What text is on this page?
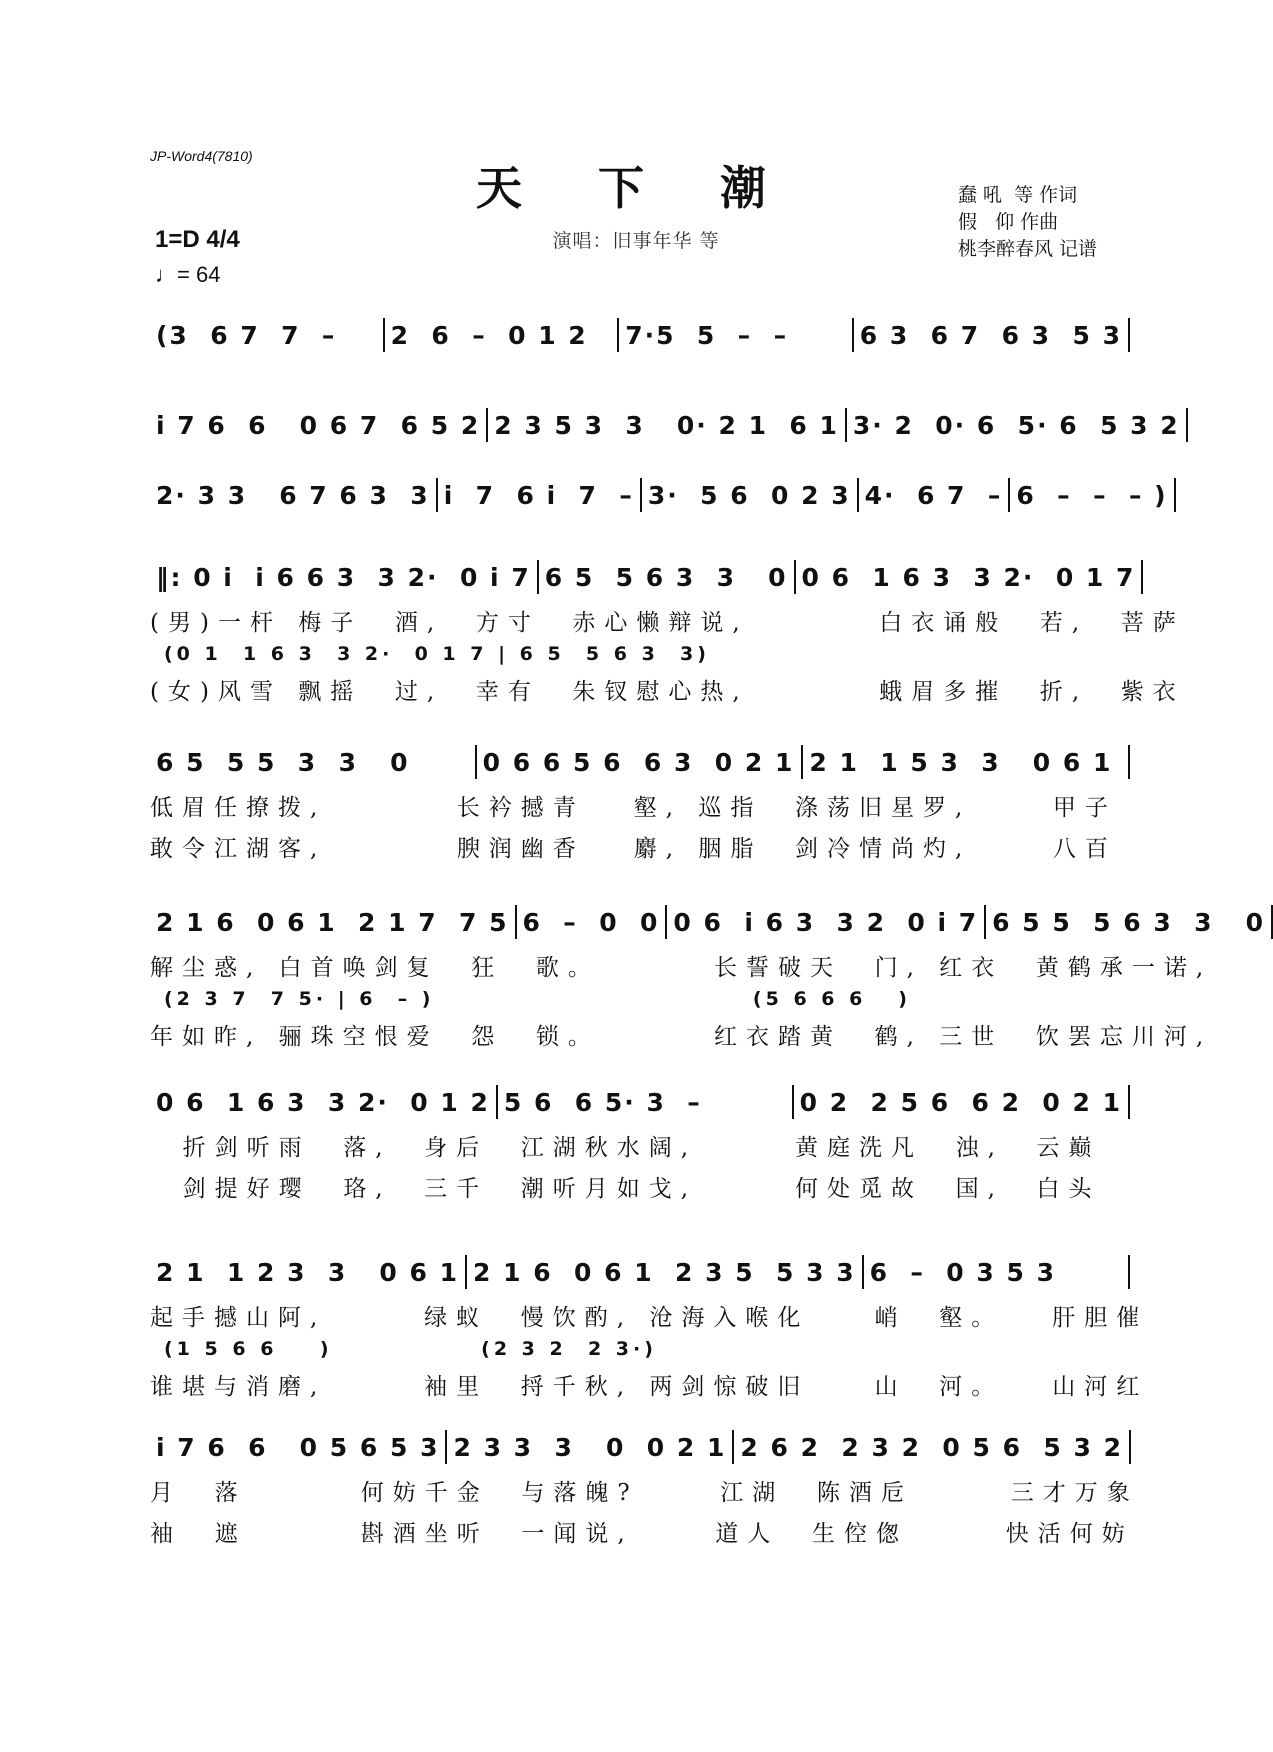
JP-Word4(7810)
天 下 潮
演唱：旧事年华 等
蠢 吼  等 作词
假   仰 作曲
桃李醉春风 记谱
1=D 4/4
♩= 64
(3  6 7  7  –	2  6  –  0 1 2	7·5  5  –  –	6 3  6 7  6 3  5 3
i 7 6  6   0 6 7  6 5 2 2 3 5 3  3   0· 2 1  6 1 3· 2  0· 6  5· 6  5 3 2
2· 3 3   6 7 6 3  3 i  7  6 i  7  – 3·  5 6  0 2 3 4·  6 7  – 6  –  –  – )
‖: 0 i  i 6 6 3  3 2·  0 i 7 6 5  5 6 3  3   0 0 6  1 6 3  3 2·  0 1 7
(男)一杆 梅子  酒,  方寸  赤心懒辩说,        白衣诵般  若,  菩萨
(0 1  1 6 3  3 2·  0 1 7 | 6 5  5 6 3  3)
(女)风雪 飘摇  过,  幸有  朱钗慰心热,        蛾眉多摧  折,  紫衣
6 5  5 5  3  3   0	0 6 6 5 6  6 3  0 2 1 2 1  1 5 3  3   0 6 1
低眉任撩拨,        长衿撼青   壑, 巡指  涤荡旧星罗,     甲子
敢令江湖客,        腴润幽香   麝, 胭脂  剑冷情尚灼,     八百
2 1 6  0 6 1  2 1 7  7 5 6  –  0  0 0 6  i 6 3  3 2  0 i 7 6 5 5  5 6 3  3   0
解尘惑, 白首唤剑复  狂  歌。       长誓破天  门, 红衣  黄鹤承一诺,
(2 3 7  7 5· | 6  – )                              (5 6 6 6   )
年如昨, 骊珠空恨爱  怨  锁。       红衣踏黄  鹤, 三世  饮罢忘川河,
0 6  1 6 3  3 2·  0 1 2 5 6  6 5· 3  –	0 2  2 5 6  6 2  0 2 1
折剑听雨  落,  身后  江湖秋水阔,      黄庭洗凡  浊,  云巅
剑提好璎  珞,  三千  潮听月如戈,      何处觅故  国,  白头
2 1  1 2 3  3   0 6 1 2 1 6  0 6 1  2 3 5  5 3 3 6  –  0 3 5 3
起手撼山阿,      绿蚁  慢饮酌, 沧海入喉化    峭  壑。   肝胆催
(1 5 6 6    )              (2 3 2  2 3·)
谁堪与消磨,      袖里  捋千秋, 两剑惊破旧    山  河。   山河红
i 7 6  6   0 5 6 5 3 2 3 3  3   0  0 2 1 2 6 2  2 3 2  0 5 6  5 3 2
月  落       何妨千金  与落魄?     江湖  陈酒卮      三才万象
袖  遮       斟酒坐听  一闻说,     道人  生倥偬      快活何妨
